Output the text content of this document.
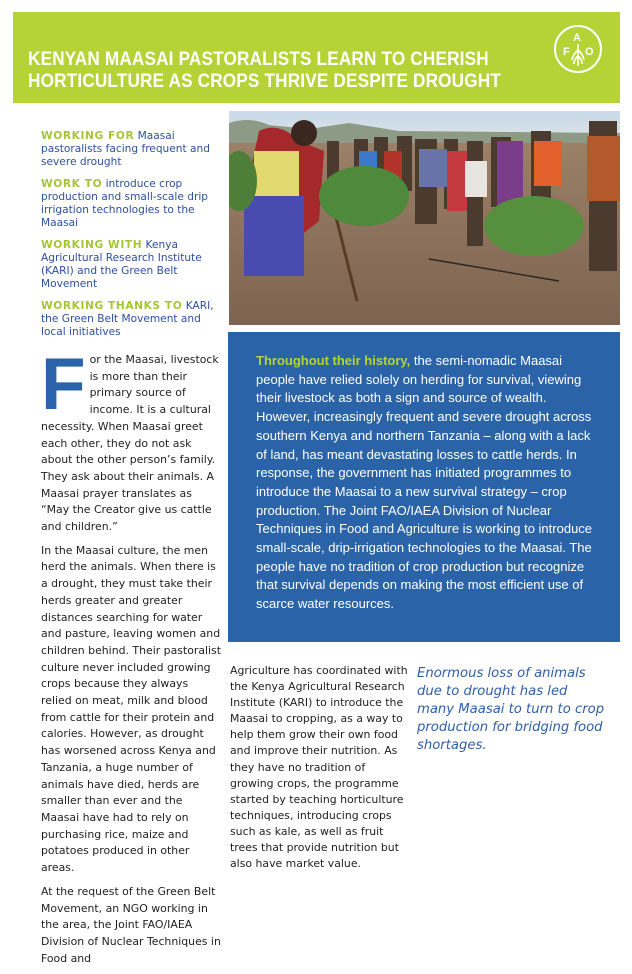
KENYAN MAASAI PASTORALISTS LEARN TO CHERISH
HORTICULTURE AS CROPS THRIVE DESPITE DROUGHT
F
A
O

WORKING FOR Maasai pastoralists facing frequent and severe drought

WORK TO introduce crop production and small-scale drip irrigation technologies to the Maasai

WORKING WITH Kenya Agricultural Research Institute (KARI) and the Green Belt Movement

WORKING THANKS TO KARI, the Green Belt Movement and local initiatives

For the Maasai, livestock is more than their primary source of income. It is a cultural necessity. When Maasai greet each other, they do not ask about the other person’s family. They ask about their animals. A Maasai prayer translates as “May the Creator give us cattle and children.”

In the Maasai culture, the men herd the animals. When there is a drought, they must take their herds greater and greater distances searching for water and pasture, leaving women and children behind. Their pastoralist culture never included growing crops because they always relied on meat, milk and blood from cattle for their protein and calories. However, as drought has worsened across Kenya and Tanzania, a huge number of animals have died, herds are smaller than ever and the Maasai have had to rely on purchasing rice, maize and potatoes produced in other areas.

At the request of the Green Belt Movement, an NGO working in the area, the Joint FAO/IAEA Division of Nuclear Techniques in Food and

Throughout their history, the semi-nomadic Maasai people have relied solely on herding for survival, viewing their livestock as both a sign and source of wealth. However, increasingly frequent and severe drought across southern Kenya and northern Tanzania – along with a lack of land, has meant devastating losses to cattle herds. In response, the government has initiated programmes to introduce the Maasai to a new survival strategy – crop production. The Joint FAO/IAEA Division of Nuclear Techniques in Food and Agriculture is working to introduce small-scale, drip-irrigation technologies to the Maasai. The people have no tradition of crop production but recognize that survival depends on making the most efficient use of scarce water resources.

Agriculture has coordinated with the Kenya Agricultural Research Institute (KARI) to introduce the Maasai to cropping, as a way to help them grow their own food and improve their nutrition. As they have no tradition of growing crops, the programme started by teaching horticulture techniques, introducing crops such as kale, as well as fruit trees that provide nutrition but also have market value.

Enormous loss of animals due to drought has led many Maasai to turn to crop production for bridging food shortages.
